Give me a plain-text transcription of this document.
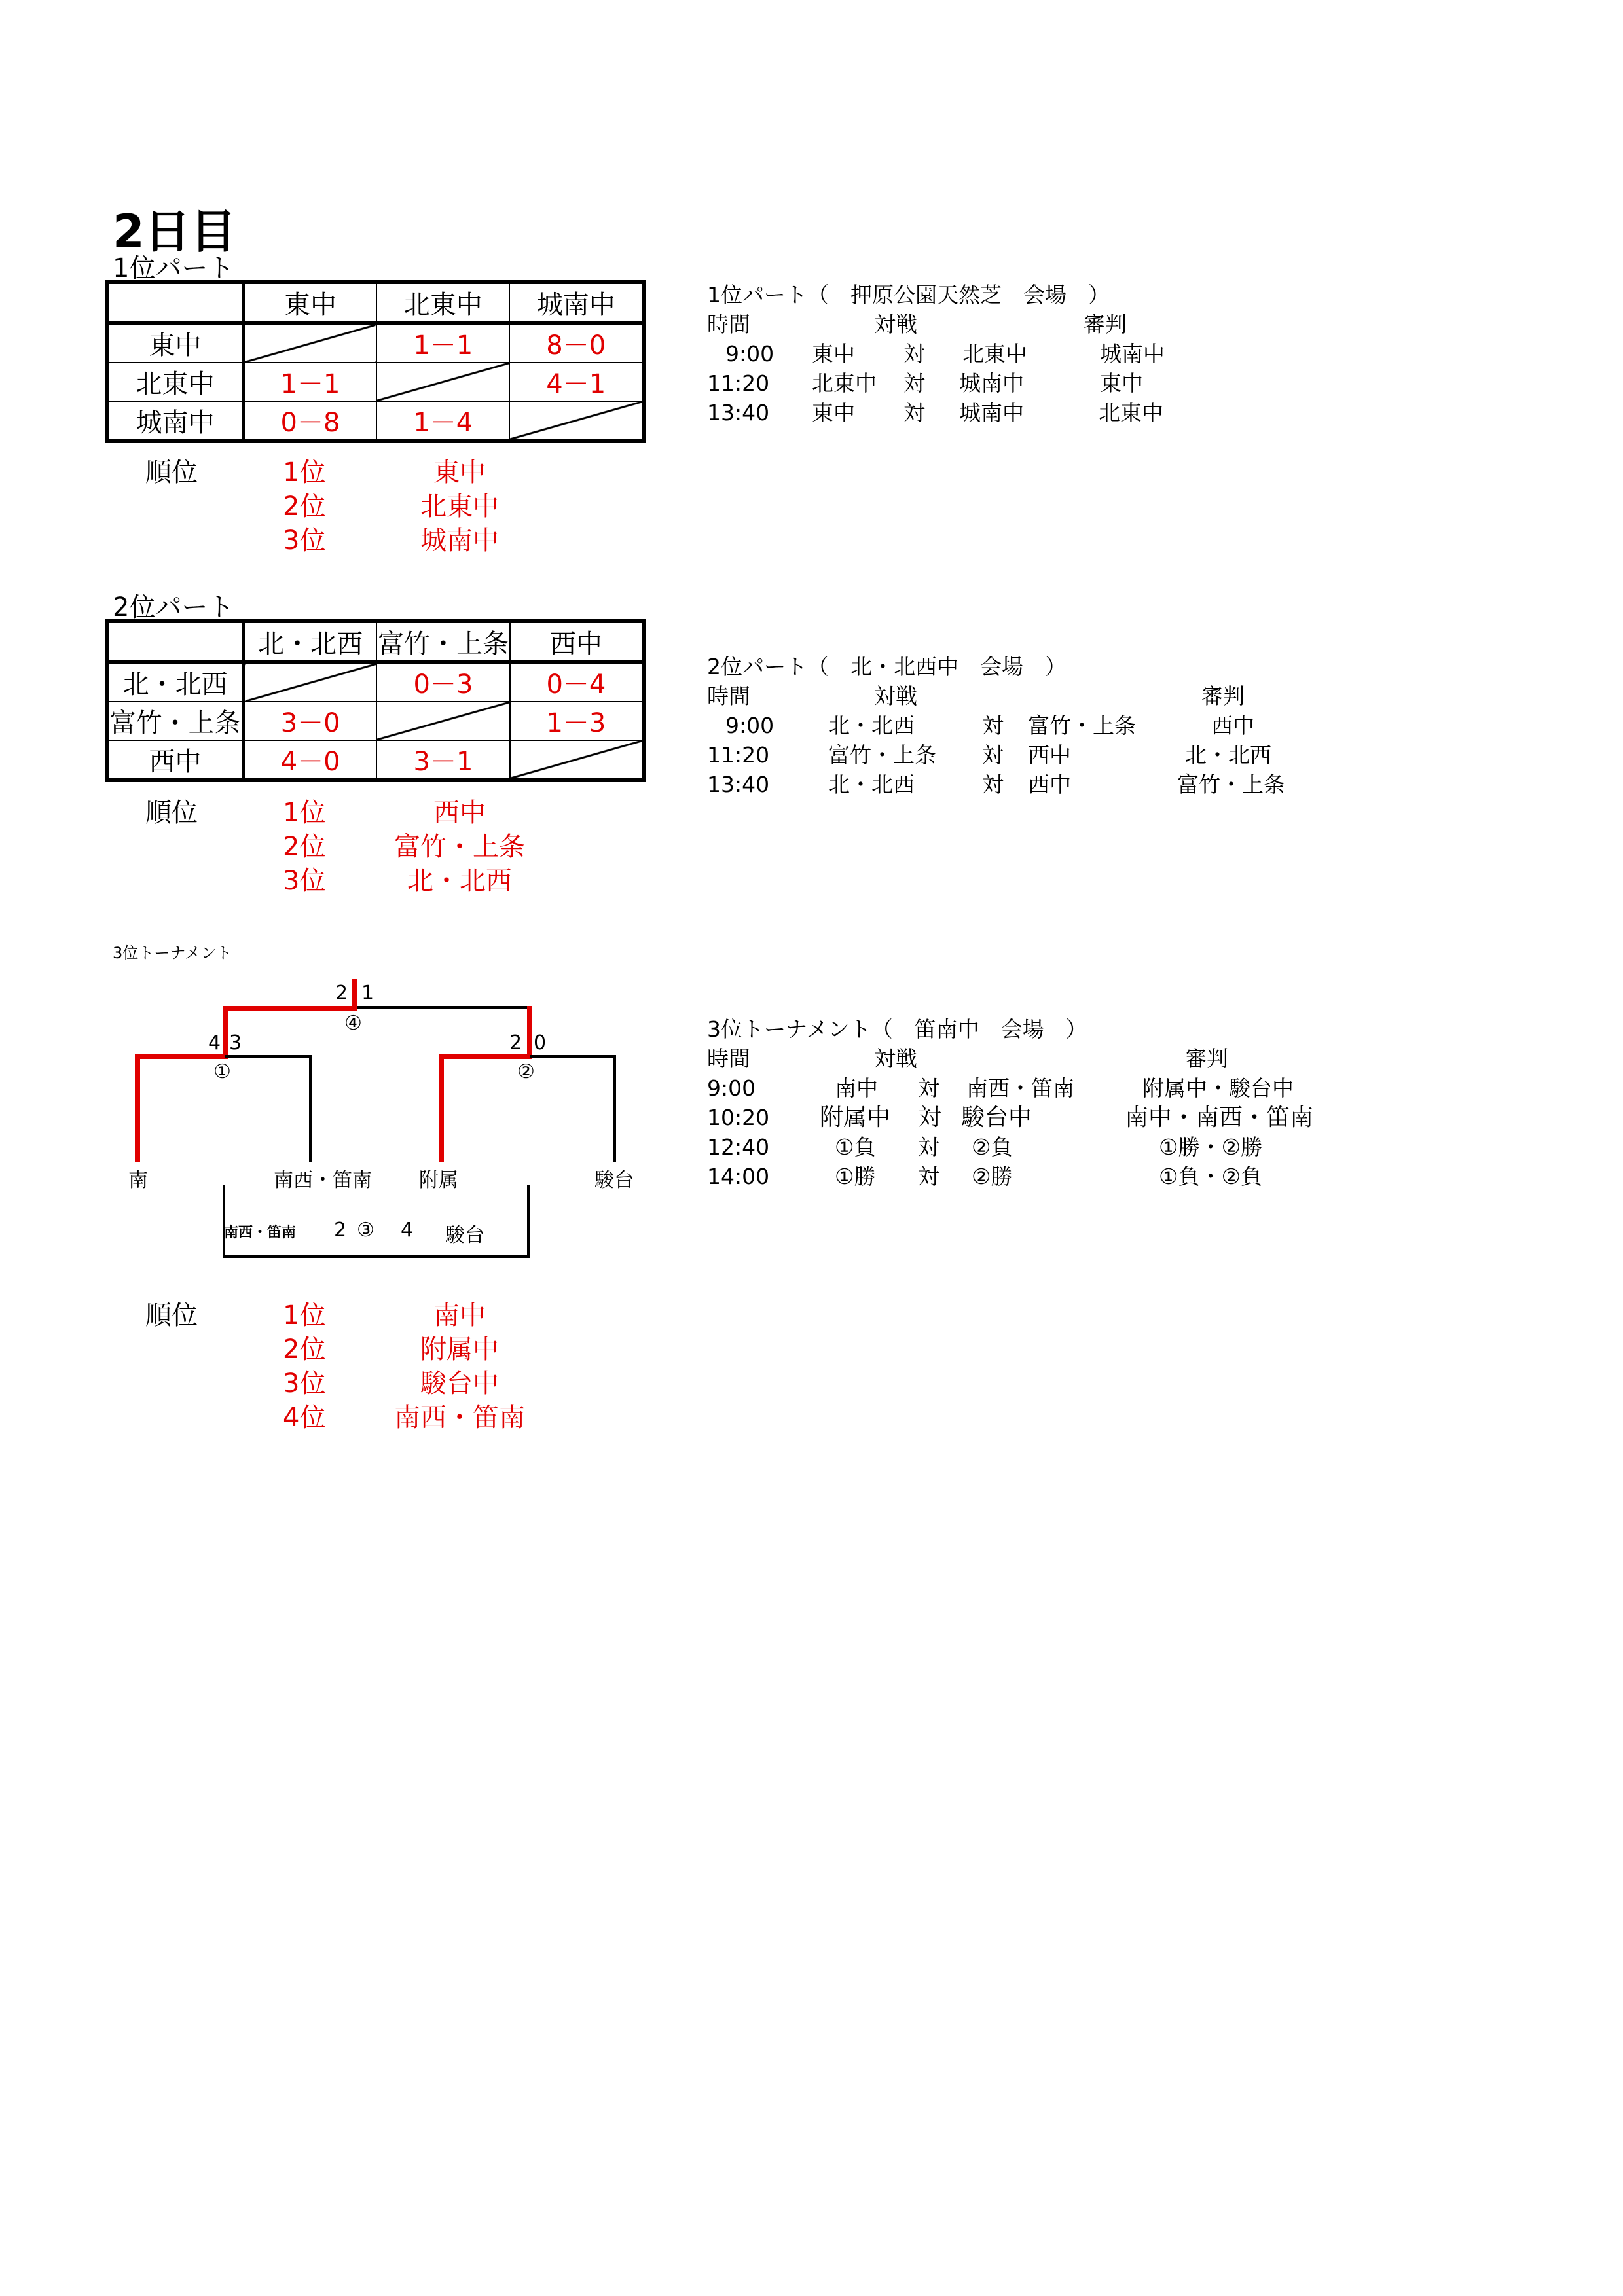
2日目
1位パート
	東中	北東中	城南中
東中		1－1	8－0
北東中	1－1		4－1
城南中	0－8	1－4	
順位	1位	東中
2位	北東中
3位	城南中
1位パート（　押原公園天然芝　会場　）
時間	対戦	審判
9:00 東中 対 北東中	城南中
11:20 北東中 対 城南中	東中
13:40 東中 対 城南中	北東中
2位パート
	北・北西	富竹・上条	西中
北・北西		0－3	0－4
富竹・上条	3－0		1－3
西中	4－0	3－1	
順位	1位	西中
2位	富竹・上条
3位	北・北西
2位パート（　北・北西中　会場　）
時間	対戦	審判
9:00	北・北西	対 富竹・上条	西中
11:20	富竹・上条 対 西中	北・北西
13:40	北・北西	対 西中	富竹・上条
3位トーナメント
2 1
④
4 3
①
2 0
②
南	南西・笛南 附属	駿台
南西・笛南 2 ③ 4 駿台
順位	1位	南中
2位	附属中
3位	駿台中
4位	南西・笛南
3位トーナメント（　笛南中　会場　）
時間	対戦	審判
9:00	南中 対 南西・笛南	附属中・駿台中
10:20 附属中 対 駿台中	南中・南西・笛南
12:40	①負 対 ②負	①勝・②勝
14:00	①勝 対 ②勝	①負・②負
